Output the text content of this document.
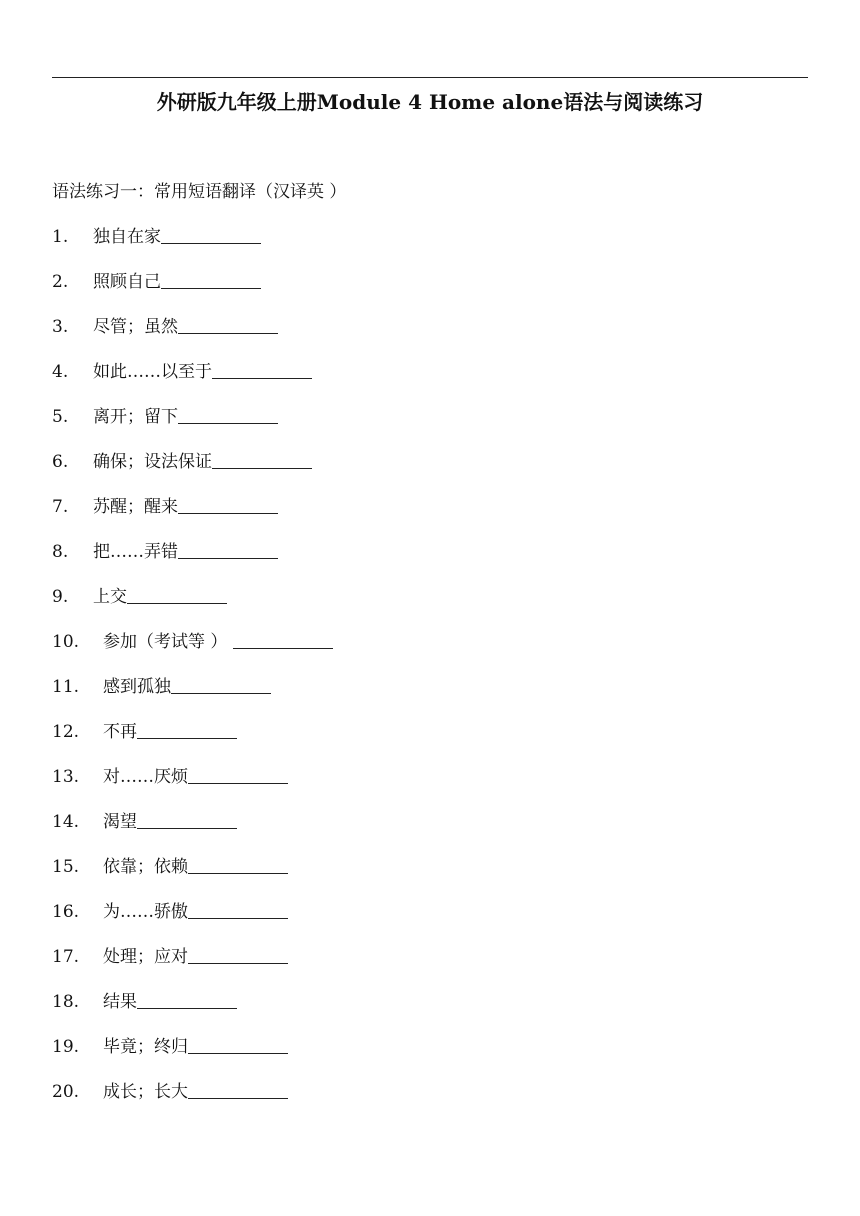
外研版九年级上册Module 4 Home alone语法与阅读练习
语法练习一：常用短语翻译（汉译英 ）
1.	独自在家
2.	照顾自己
3.	尽管；虽然
4.	如此……以至于
5.	离开；留下
6.	确保；设法保证
7.	苏醒；醒来
8.	把……弄错
9.	上交
10.	参加（考试等 ）
11.	感到孤独
12.	不再
13.	对……厌烦
14.	渴望
15.	依靠；依赖
16.	为……骄傲
17.	处理；应对
18.	结果
19.	毕竟；终归
20.	成长；长大
